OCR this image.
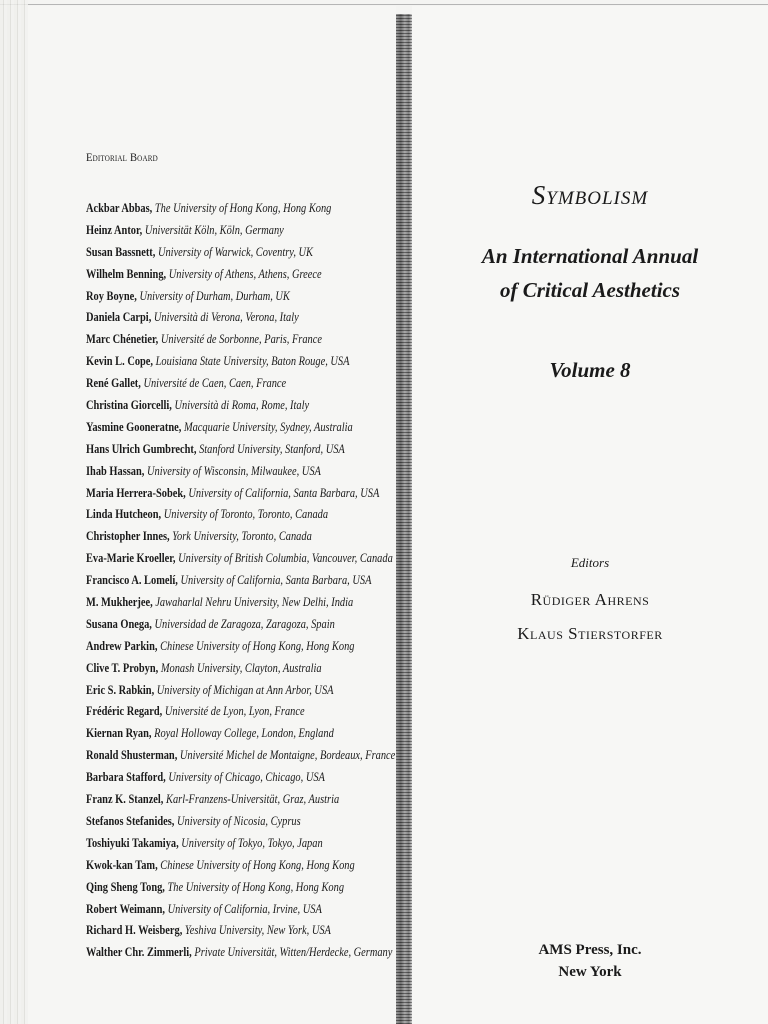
Editorial Board
Ackbar Abbas, The University of Hong Kong, Hong Kong
Heinz Antor, Universität Köln, Köln, Germany
Susan Bassnett, University of Warwick, Coventry, UK
Wilhelm Benning, University of Athens, Athens, Greece
Roy Boyne, University of Durham, Durham, UK
Daniela Carpi, Università di Verona, Verona, Italy
Marc Chénetier, Université de Sorbonne, Paris, France
Kevin L. Cope, Louisiana State University, Baton Rouge, USA
René Gallet, Université de Caen, Caen, France
Christina Giorcelli, Università di Roma, Rome, Italy
Yasmine Gooneratne, Macquarie University, Sydney, Australia
Hans Ulrich Gumbrecht, Stanford University, Stanford, USA
Ihab Hassan, University of Wisconsin, Milwaukee, USA
Maria Herrera-Sobek, University of California, Santa Barbara, USA
Linda Hutcheon, University of Toronto, Toronto, Canada
Christopher Innes, York University, Toronto, Canada
Eva-Marie Kroeller, University of British Columbia, Vancouver, Canada
Francisco A. Lomelí, University of California, Santa Barbara, USA
M. Mukherjee, Jawaharlal Nehru University, New Delhi, India
Susana Onega, Universidad de Zaragoza, Zaragoza, Spain
Andrew Parkin, Chinese University of Hong Kong, Hong Kong
Clive T. Probyn, Monash University, Clayton, Australia
Eric S. Rabkin, University of Michigan at Ann Arbor, USA
Frédéric Regard, Université de Lyon, Lyon, France
Kiernan Ryan, Royal Holloway College, London, England
Ronald Shusterman, Université Michel de Montaigne, Bordeaux, France
Barbara Stafford, University of Chicago, Chicago, USA
Franz K. Stanzel, Karl-Franzens-Universität, Graz, Austria
Stefanos Stefanides, University of Nicosia, Cyprus
Toshiyuki Takamiya, University of Tokyo, Tokyo, Japan
Kwok-kan Tam, Chinese University of Hong Kong, Hong Kong
Qing Sheng Tong, The University of Hong Kong, Hong Kong
Robert Weimann, University of California, Irvine, USA
Richard H. Weisberg, Yeshiva University, New York, USA
Walther Chr. Zimmerli, Private Universität, Witten/Herdecke, Germany
Symbolism
An International Annual
of Critical Aesthetics
Volume 8
Editors
Rüdiger Ahrens
Klaus Stierstorfer
AMS Press, Inc.
New York
